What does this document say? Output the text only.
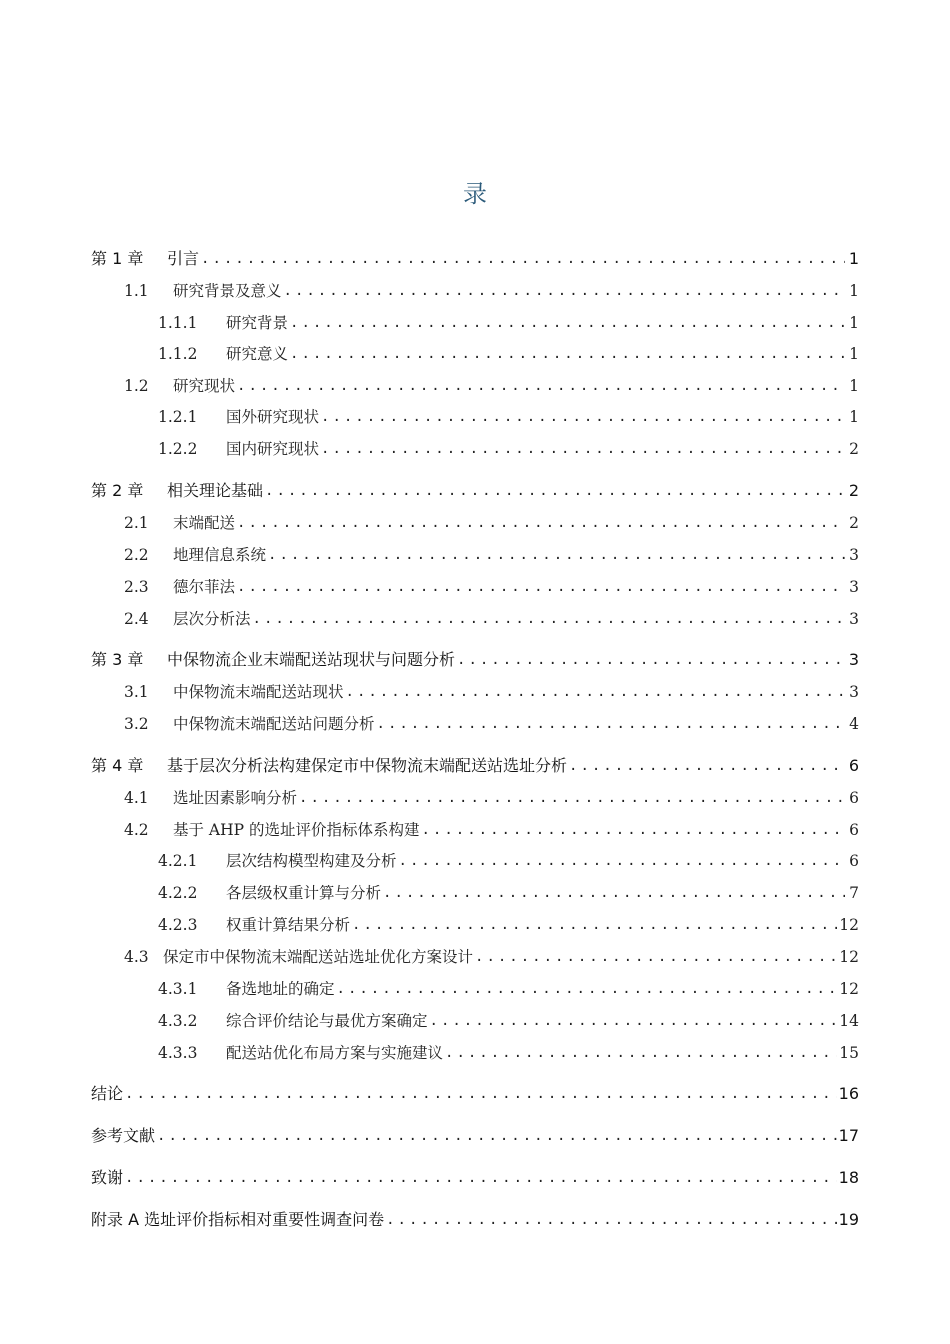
录
第 1 章	引言 .....	1
1.1	研究背景及意义 .....	1
1.1.1	研究背景 .....	1
1.1.2	研究意义 .....	1
1.2	研究现状 .....	1
1.2.1	国外研究现状 .....	1
1.2.2	国内研究现状 .....	2
第 2 章	相关理论基础 .....	2
2.1	末端配送 .....	2
2.2	地理信息系统 .....	3
2.3	德尔菲法 .....	3
2.4	层次分析法 .....	3
第 3 章	中保物流企业末端配送站现状与问题分析 .....	3
3.1	中保物流末端配送站现状 .....	3
3.2	中保物流末端配送站问题分析 .....	4
第 4 章	基于层次分析法构建保定市中保物流末端配送站选址分析 .....	6
4.1	选址因素影响分析 .....	6
4.2	基于 AHP 的选址评价指标体系构建 .....	6
4.2.1	层次结构模型构建及分析 .....	6
4.2.2	各层级权重计算与分析 .....	7
4.2.3	权重计算结果分析 .....	12
4.3 保定市中保物流末端配送站选址优化方案设计 .....	12
4.3.1	备选地址的确定 .....	12
4.3.2	综合评价结论与最优方案确定 .....	14
4.3.3	配送站优化布局方案与实施建议 .....	15
结论 .....	16
参考文献 .....	17
致谢 .....	18
附录 A 选址评价指标相对重要性调查问卷 .....	19
